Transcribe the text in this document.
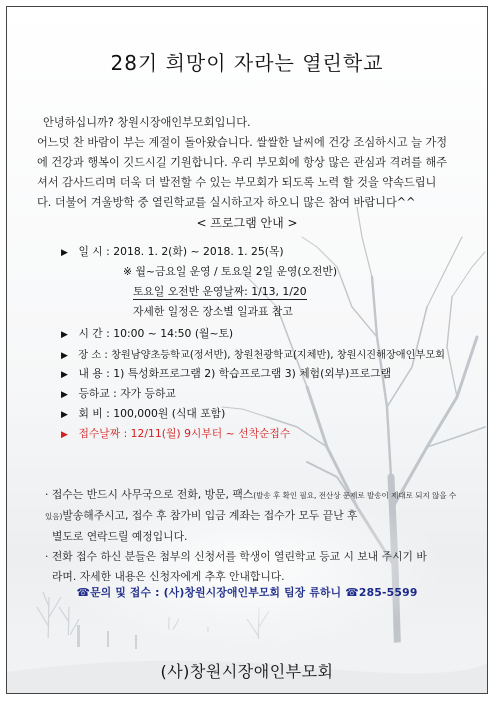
28기 희망이 자라는 열린학교

안녕하십니까? 창원시장애인부모회입니다.

어느덧 찬 바람이 부는 계절이 돌아왔습니다. 쌀쌀한 날씨에 건강 조심하시고 늘 가정

에 건강과 행복이 깃드시길 기원합니다. 우리 부모회에 항상 많은 관심과 격려를 해주

셔서 감사드리며 더욱 더 발전할 수 있는 부모회가 되도록 노력 할 것을 약속드립니

다. 더불어 겨울방학 중 열린학교를 실시하고자 하오니 많은 참여 바랍니다^^

< 프로그램 안내 >
▶ 일 시 : 2018. 1. 2(화) ~ 2018. 1. 25(목)
※ 월~금요일 운영 / 토요일 2일 운영(오전반)
토요일 오전반 운영날짜: 1/13, 1/20
자세한 일정은 장소별 일과표 참고
▶ 시 간 : 10:00 ~ 14:50 (월~토)
▶ 장 소 : 창원남양초등학교(정서반), 창원천광학교(지체반), 창원시진해장애인부모회
▶ 내 용 : 1) 특성화프로그램 2) 학습프로그램 3) 체험(외부)프로그램
▶ 등하교 : 자가 등하교
▶ 회 비 : 100,000원 (식대 포함)
▶ 접수날짜 : 12/11(월) 9시부터 ~ 선착순접수

· 접수는 반드시 사무국으로 전화, 방문, 팩스(발송 후 확인 필요, 전산상 문제로 발송이 제대로 되지 않을 수 있음)발송해주시고, 접수 후 참가비 입금 계좌는 접수가 모두 끝난 후

별도로 연락드릴 예정입니다.

· 전화 접수 하신 분들은 첨부의 신청서를 학생이 열린학교 등교 시 보내 주시기 바

라며. 자세한 내용은 신청자에게 추후 안내합니다.

☎문의 및 접수 : (사)창원시장애인부모회 팀장 류하니 ☎285-5599
(사)창원시장애인부모회
